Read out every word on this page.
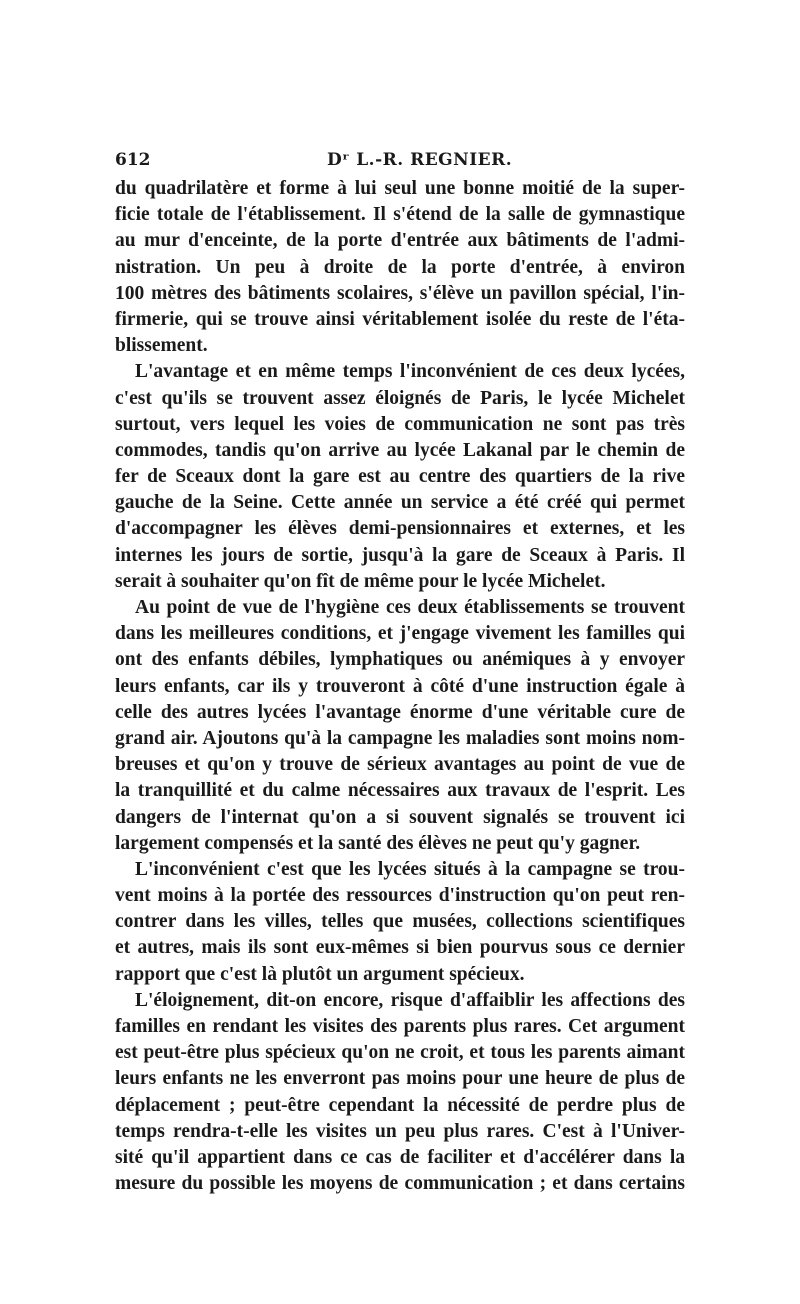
612	Dʳ L.-R. REGNIER.
du quadrilatère et forme à lui seul une bonne moitié de la super-
ficie totale de l'établissement. Il s'étend de la salle de gymnastique
au mur d'enceinte, de la porte d'entrée aux bâtiments de l'admi-
nistration. Un peu à droite de la porte d'entrée, à environ
100 mètres des bâtiments scolaires, s'élève un pavillon spécial, l'in-
firmerie, qui se trouve ainsi véritablement isolée du reste de l'éta-
blissement.
L'avantage et en même temps l'inconvénient de ces deux lycées,
c'est qu'ils se trouvent assez éloignés de Paris, le lycée Michelet
surtout, vers lequel les voies de communication ne sont pas très
commodes, tandis qu'on arrive au lycée Lakanal par le chemin de
fer de Sceaux dont la gare est au centre des quartiers de la rive
gauche de la Seine. Cette année un service a été créé qui permet
d'accompagner les élèves demi-pensionnaires et externes, et les
internes les jours de sortie, jusqu'à la gare de Sceaux à Paris. Il
serait à souhaiter qu'on fît de même pour le lycée Michelet.
Au point de vue de l'hygiène ces deux établissements se trouvent
dans les meilleures conditions, et j'engage vivement les familles qui
ont des enfants débiles, lymphatiques ou anémiques à y envoyer
leurs enfants, car ils y trouveront à côté d'une instruction égale à
celle des autres lycées l'avantage énorme d'une véritable cure de
grand air. Ajoutons qu'à la campagne les maladies sont moins nom-
breuses et qu'on y trouve de sérieux avantages au point de vue de
la tranquillité et du calme nécessaires aux travaux de l'esprit. Les
dangers de l'internat qu'on a si souvent signalés se trouvent ici
largement compensés et la santé des élèves ne peut qu'y gagner.
L'inconvénient c'est que les lycées situés à la campagne se trou-
vent moins à la portée des ressources d'instruction qu'on peut ren-
contrer dans les villes, telles que musées, collections scientifiques
et autres, mais ils sont eux-mêmes si bien pourvus sous ce dernier
rapport que c'est là plutôt un argument spécieux.
L'éloignement, dit-on encore, risque d'affaiblir les affections des
familles en rendant les visites des parents plus rares. Cet argument
est peut-être plus spécieux qu'on ne croit, et tous les parents aimant
leurs enfants ne les enverront pas moins pour une heure de plus de
déplacement ; peut-être cependant la nécessité de perdre plus de
temps rendra-t-elle les visites un peu plus rares. C'est à l'Univer-
sité qu'il appartient dans ce cas de faciliter et d'accélérer dans la
mesure du possible les moyens de communication ; et dans certains
